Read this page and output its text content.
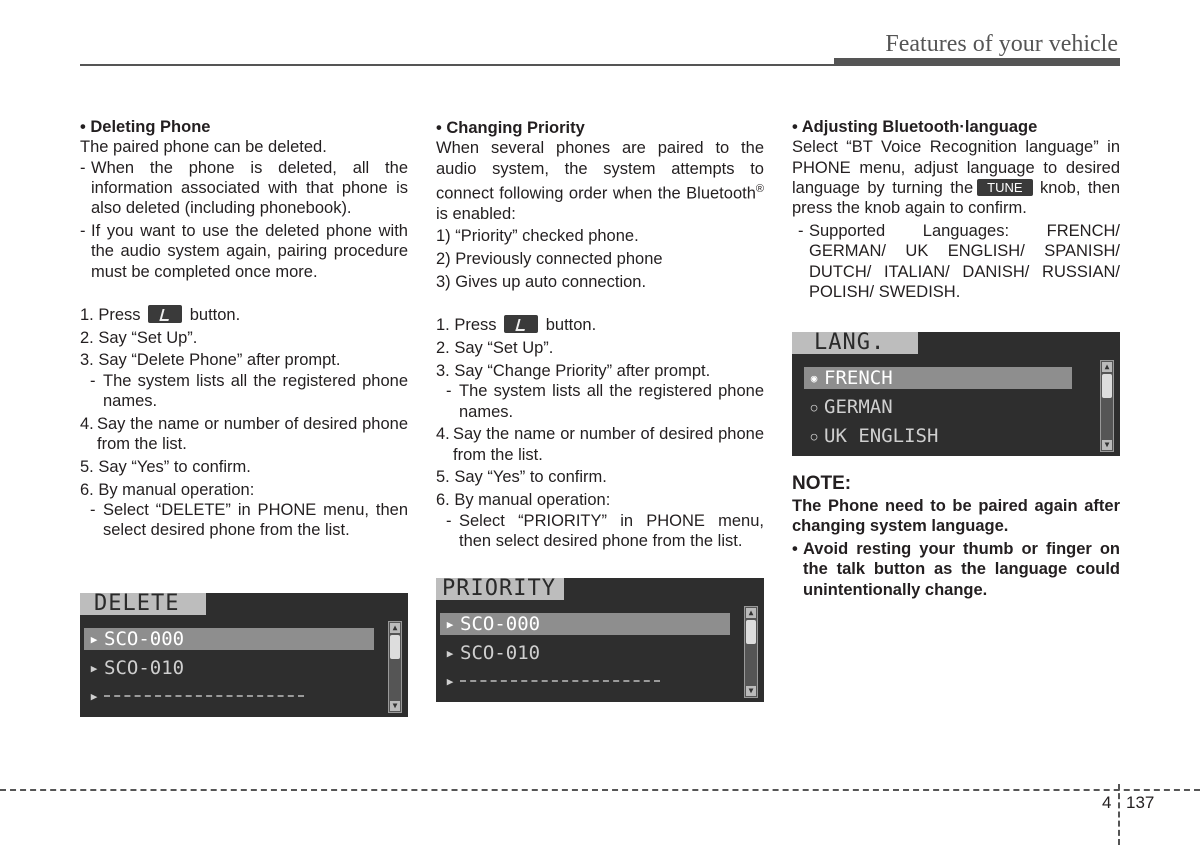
Features of your vehicle
• Deleting Phone
The paired phone can be deleted.
- When the phone is deleted, all the information associated with that phone is also deleted (including phonebook).
- If you want to use the deleted phone with the audio system again, pairing procedure must be completed once more.
1. Press	button.
2. Say “Set Up”.
3. Say “Delete Phone” after prompt.
- The system lists all the registered phone names.
4. Say the name or number of desired phone from the list.
5. Say “Yes” to confirm.
6. By manual operation:
- Select “DELETE” in PHONE menu, then select desired phone from the list.
DELETE
▶ SCO-000
▶ SCO-010
▶
▲
▼
• Changing Priority
When several phones are paired to the audio system, the system attempts to connect following order when the Bluetooth® is enabled:
1) “Priority” checked phone.
2) Previously connected phone
3) Gives up auto connection.
1. Press	button.
2. Say “Set Up”.
3. Say “Change Priority” after prompt.
- The system lists all the registered phone names.
4. Say the name or number of desired phone from the list.
5. Say “Yes” to confirm.
6. By manual operation:
- Select “PRIORITY” in PHONE menu, then select desired phone from the list.
PRIORITY
▶ SCO-000
▶ SCO-010
▶
▲
▼
• Adjusting Bluetooth·language
Select “BT Voice Recognition language” in PHONE menu, adjust language to desired language by turning the TUNE knob, then press the knob again to confirm.
- Supported Languages: FRENCH/ GERMAN/ UK ENGLISH/ SPANISH/ DUTCH/ ITALIAN/ DANISH/ RUSSIAN/ POLISH/ SWEDISH.
LANG.
◉ FRENCH
○ GERMAN
○ UK ENGLISH
▲
▼
NOTE:
The Phone need to be paired again after changing system language.
• Avoid resting your thumb or finger on the talk button as the language could unintentionally change.
4 137
